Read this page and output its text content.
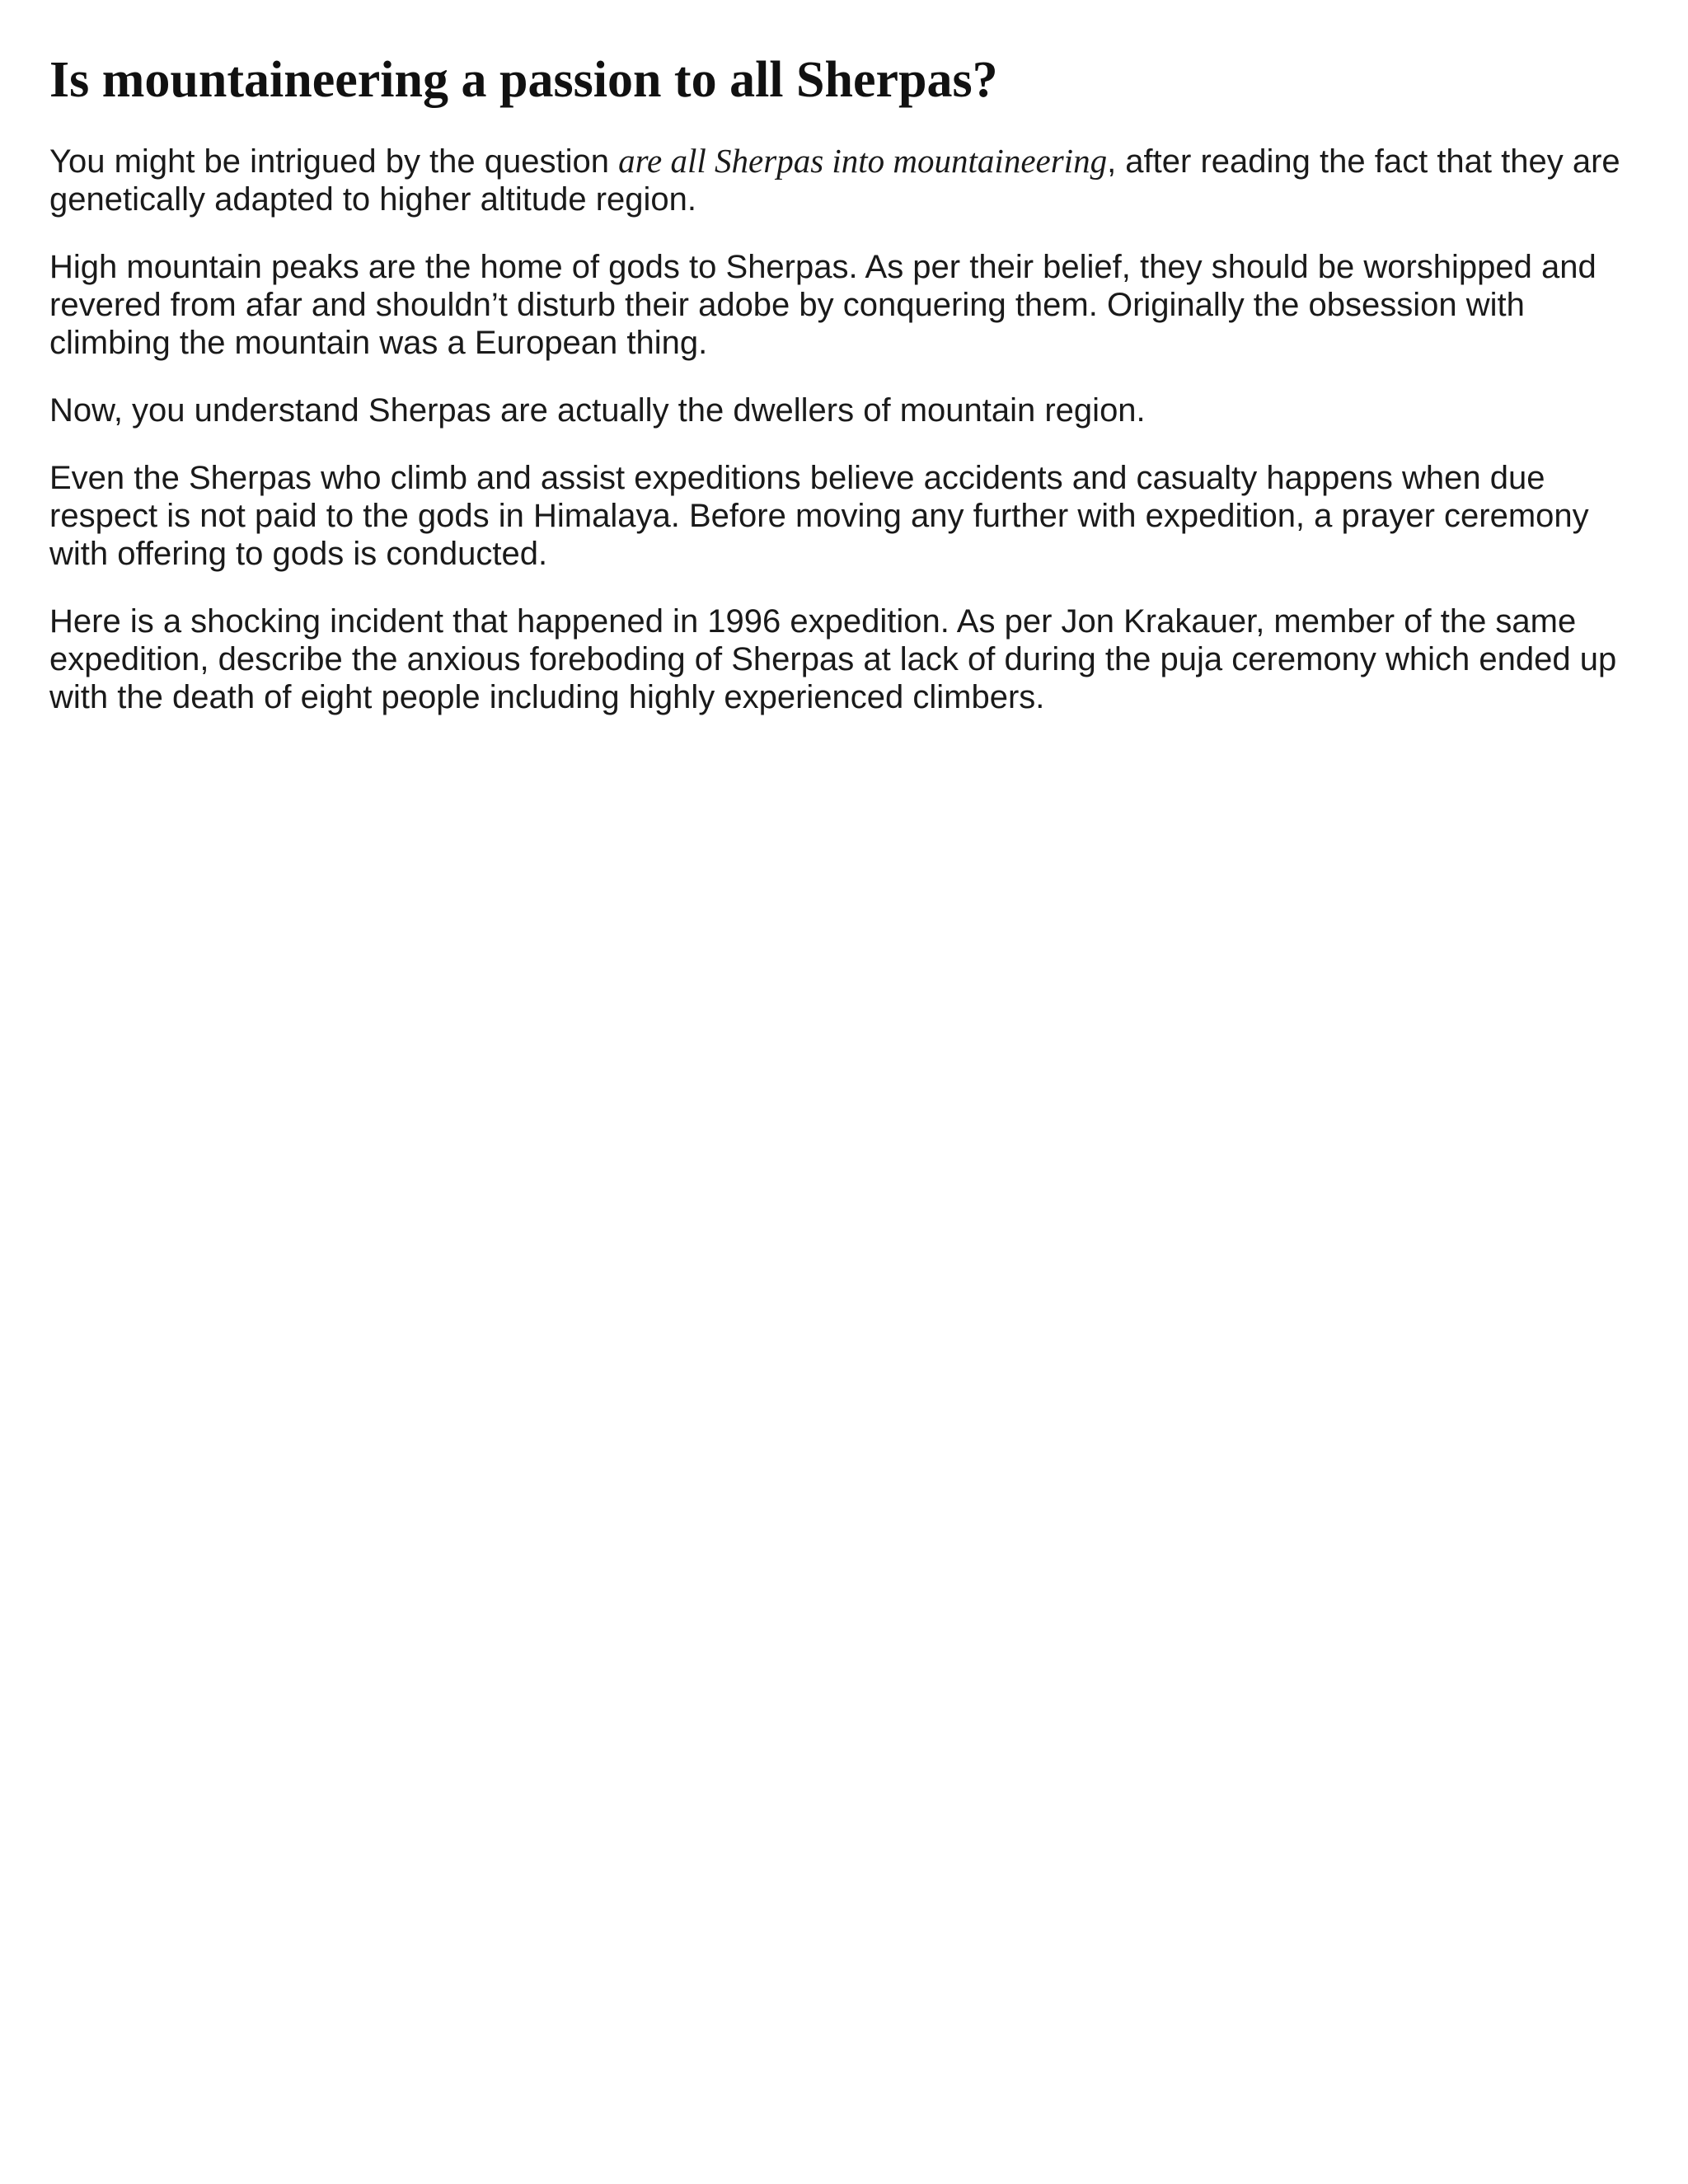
Is mountaineering a passion to all Sherpas?

You might be intrigued by the question are all Sherpas into mountaineering, after reading the fact that they are genetically adapted to higher altitude region.

High mountain peaks are the home of gods to Sherpas. As per their belief, they should be worshipped and revered from afar and shouldn’t disturb their adobe by conquering them. Originally the obsession with climbing the mountain was a European thing.

Now, you understand Sherpas are actually the dwellers of mountain region.

Even the Sherpas who climb and assist expeditions believe accidents and casualty happens when due respect is not paid to the gods in Himalaya. Before moving any further with expedition, a prayer ceremony with offering to gods is conducted.

Here is a shocking incident that happened in 1996 expedition. As per Jon Krakauer, member of the same expedition, describe the anxious foreboding of Sherpas at lack of during the puja ceremony which ended up with the death of eight people including highly experienced climbers.
